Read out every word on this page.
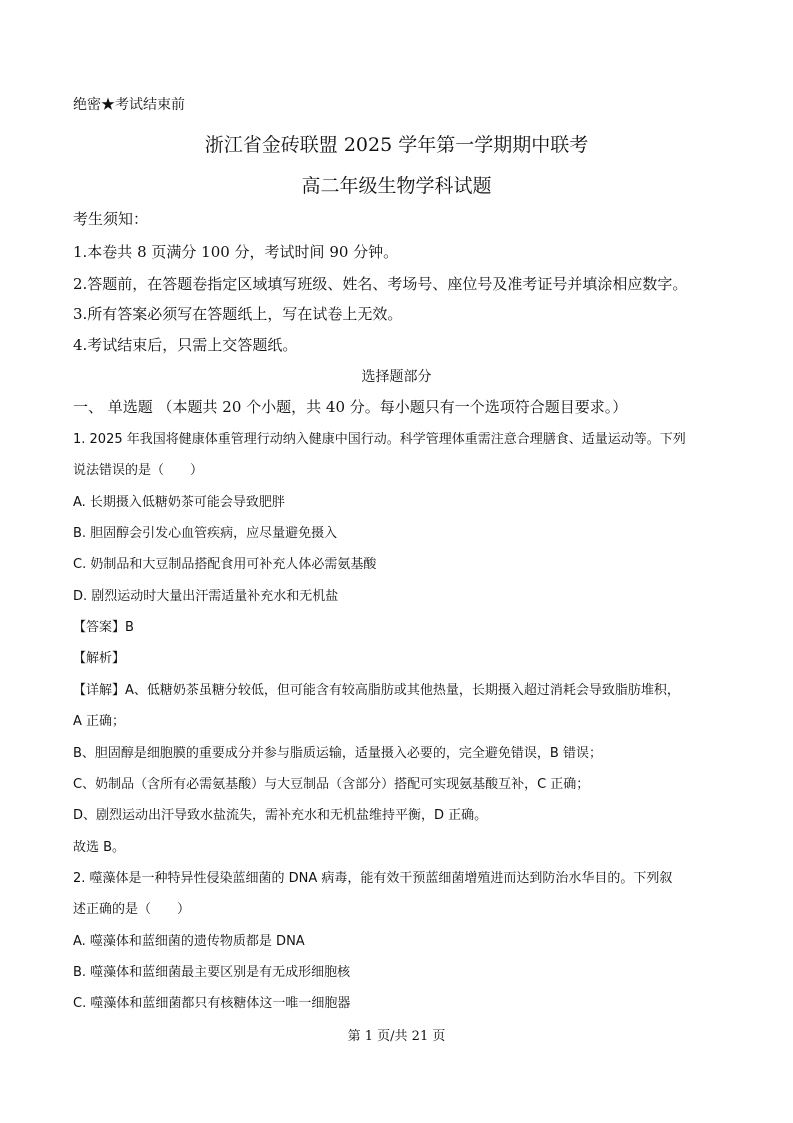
绝密★考试结束前
浙江省金砖联盟 2025 学年第一学期期中联考
高二年级生物学科试题
考生须知：
1.本卷共 8 页满分 100 分，考试时间 90 分钟。
2.答题前，在答题卷指定区域填写班级、姓名、考场号、座位号及准考证号并填涂相应数字。
3.所有答案必须写在答题纸上，写在试卷上无效。
4.考试结束后，只需上交答题纸。
选择题部分
一、 单选题 （本题共 20 个小题，共 40 分。每小题只有一个选项符合题目要求。）
1. 2025 年我国将健康体重管理行动纳入健康中国行动。科学管理体重需注意合理膳食、适量运动等。下列
说法错误的是（　　）
A. 长期摄入低糖奶茶可能会导致肥胖
B. 胆固醇会引发心血管疾病，应尽量避免摄入
C. 奶制品和大豆制品搭配食用可补充人体必需氨基酸
D. 剧烈运动时大量出汗需适量补充水和无机盐
【答案】B
【解析】
【详解】A、低糖奶茶虽糖分较低，但可能含有较高脂肪或其他热量，长期摄入超过消耗会导致脂肪堆积，
A 正确；
B、胆固醇是细胞膜的重要成分并参与脂质运输，适量摄入必要的，完全避免错误，B 错误；
C、奶制品（含所有必需氨基酸）与大豆制品（含部分）搭配可实现氨基酸互补，C 正确；
D、剧烈运动出汗导致水盐流失，需补充水和无机盐维持平衡，D 正确。
故选 B。
2. 噬藻体是一种特异性侵染蓝细菌的 DNA 病毒，能有效干预蓝细菌增殖进而达到防治水华目的。下列叙
述正确的是（　　）
A. 噬藻体和蓝细菌的遗传物质都是 DNA
B. 噬藻体和蓝细菌最主要区别是有无成形细胞核
C. 噬藻体和蓝细菌都只有核糖体这一唯一细胞器
第 1 页/共 21 页
